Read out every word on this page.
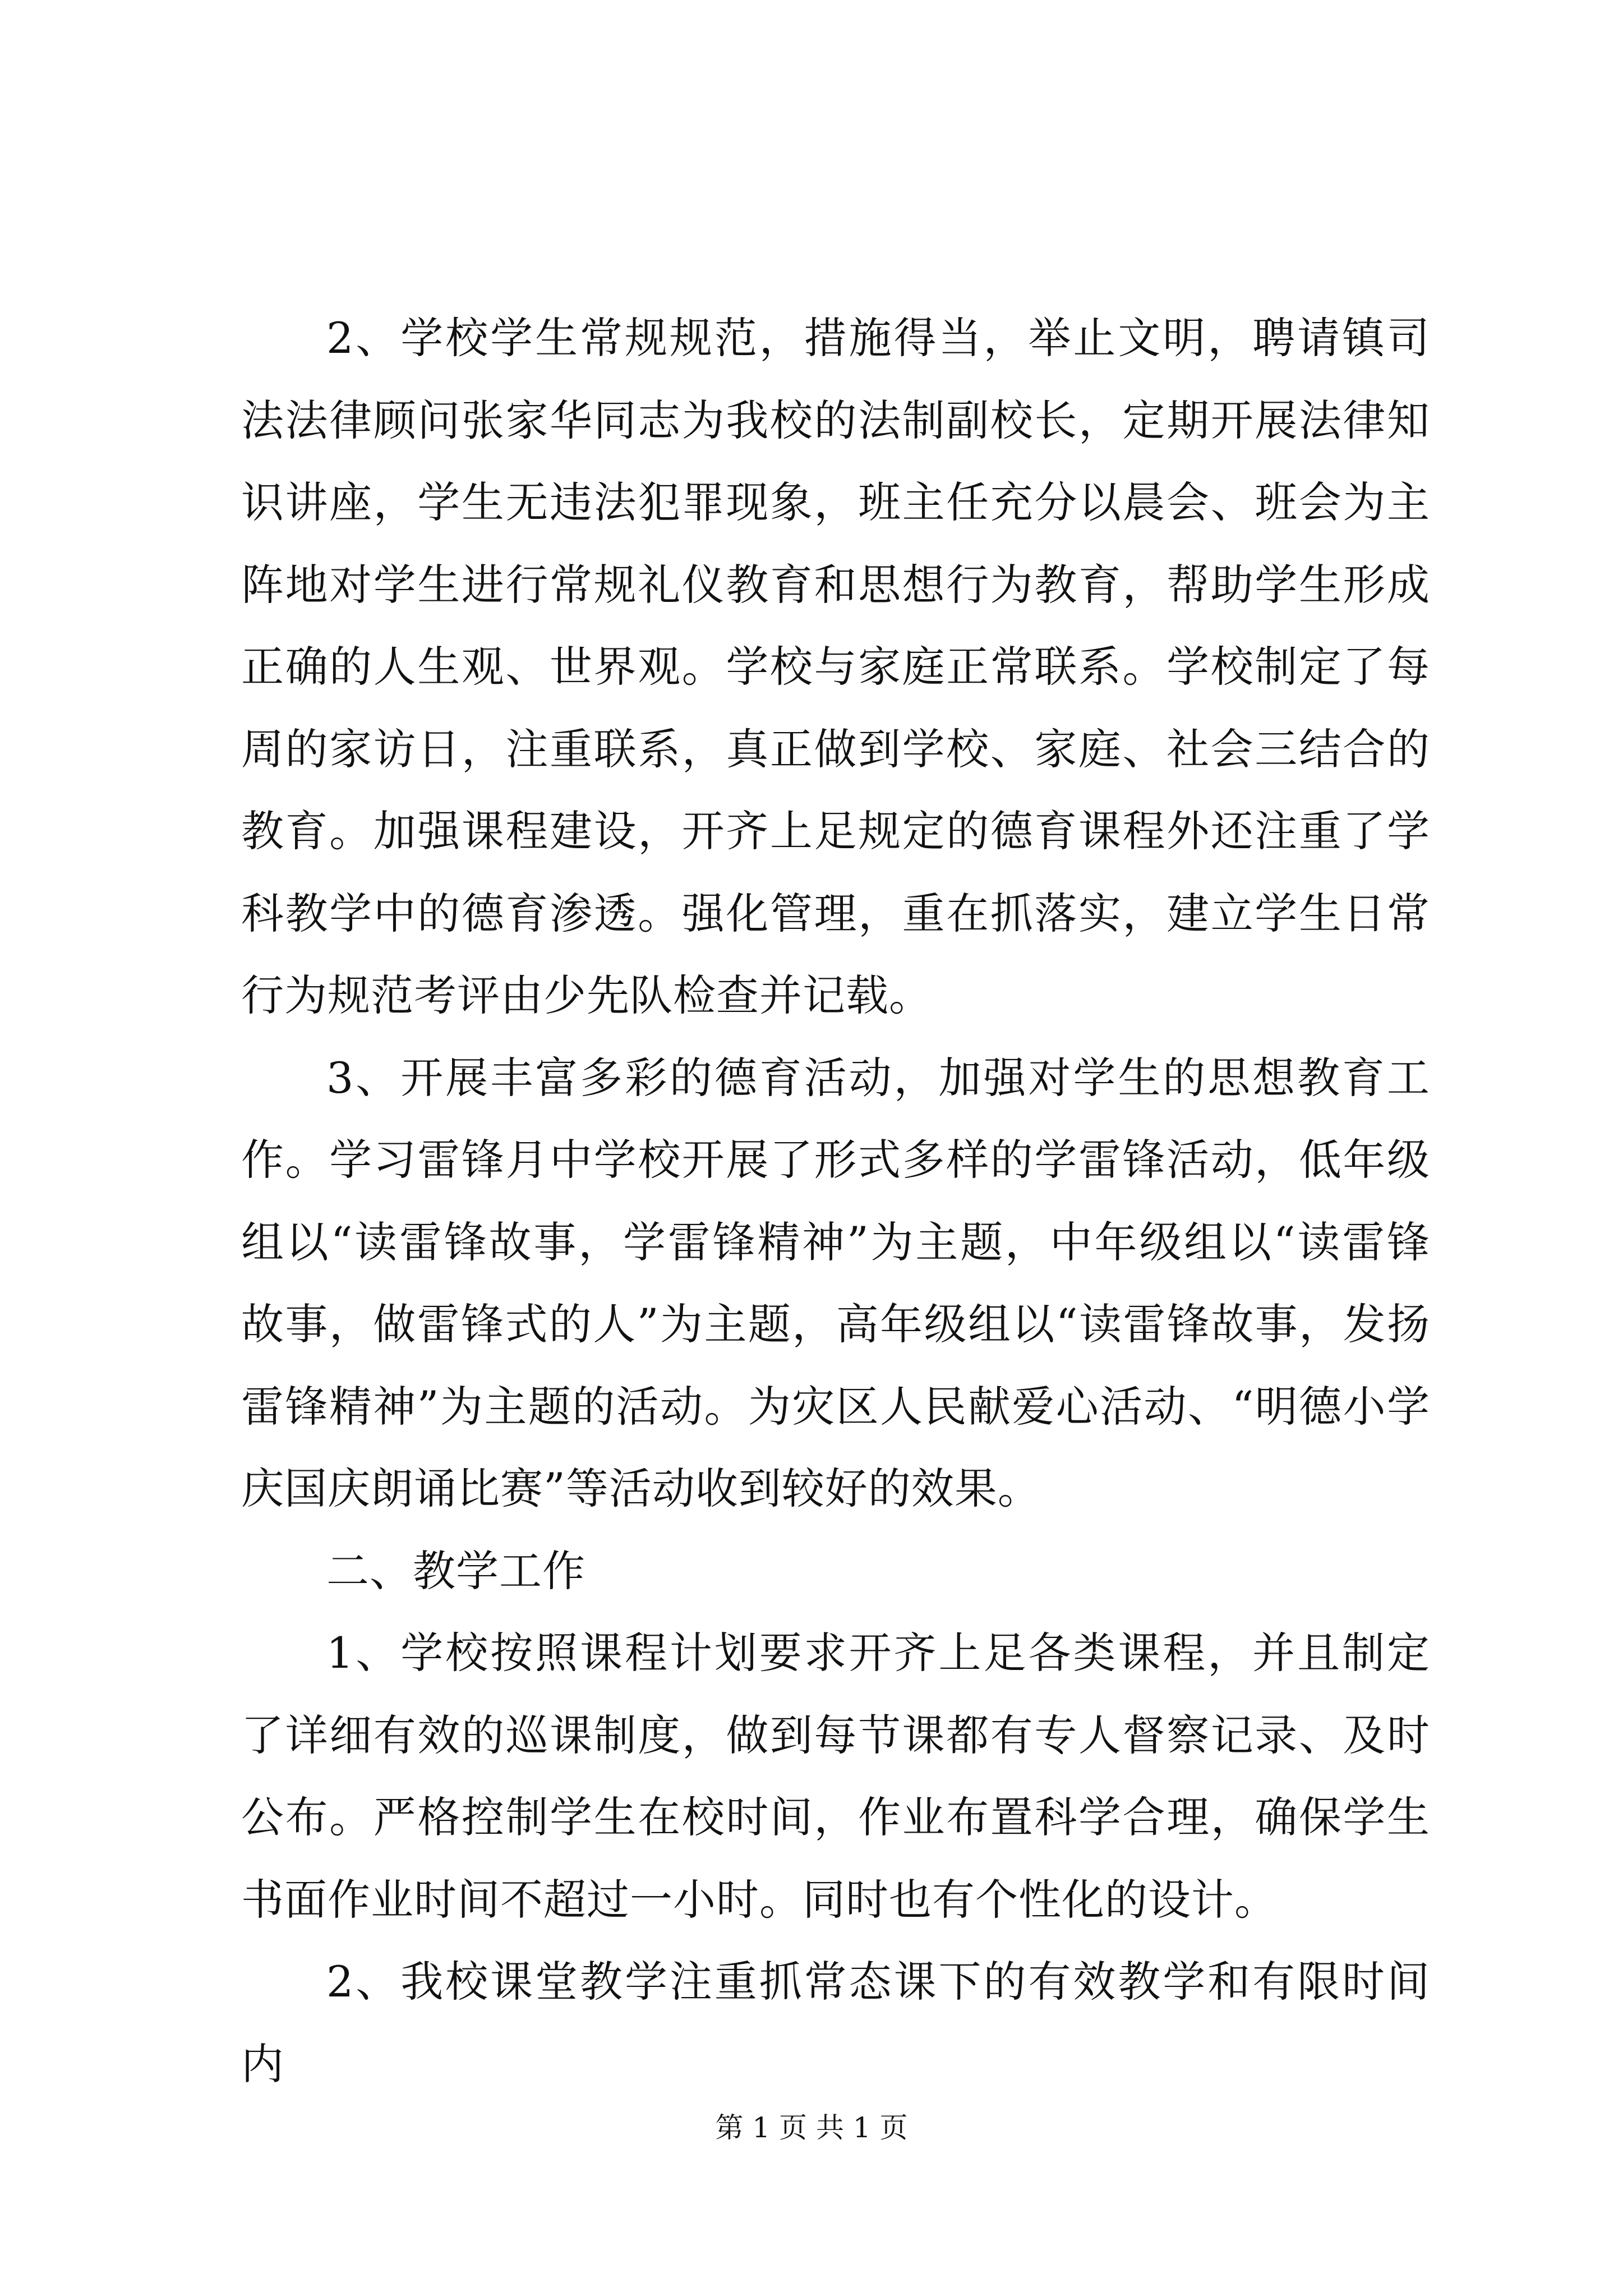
2、学校学生常规规范，措施得当，举止文明，聘请镇司法法律顾问张家华同志为我校的法制副校长，定期开展法律知识讲座，学生无违法犯罪现象，班主任充分以晨会、班会为主阵地对学生进行常规礼仪教育和思想行为教育，帮助学生形成正确的人生观、世界观。学校与家庭正常联系。学校制定了每周的家访日，注重联系，真正做到学校、家庭、社会三结合的教育。加强课程建设，开齐上足规定的德育课程外还注重了学科教学中的德育渗透。强化管理，重在抓落实，建立学生日常行为规范考评由少先队检查并记载。

3、开展丰富多彩的德育活动，加强对学生的思想教育工作。学习雷锋月中学校开展了形式多样的学雷锋活动，低年级组以“读雷锋故事，学雷锋精神”为主题，中年级组以“读雷锋故事，做雷锋式的人”为主题，高年级组以“读雷锋故事，发扬雷锋精神”为主题的活动。为灾区人民献爱心活动、“明德小学庆国庆朗诵比赛”等活动收到较好的效果。

二、教学工作

1、学校按照课程计划要求开齐上足各类课程，并且制定了详细有效的巡课制度，做到每节课都有专人督察记录、及时公布。严格控制学生在校时间，作业布置科学合理，确保学生书面作业时间不超过一小时。同时也有个性化的设计。

2、我校课堂教学注重抓常态课下的有效教学和有限时间内

第 1 页 共 1 页
